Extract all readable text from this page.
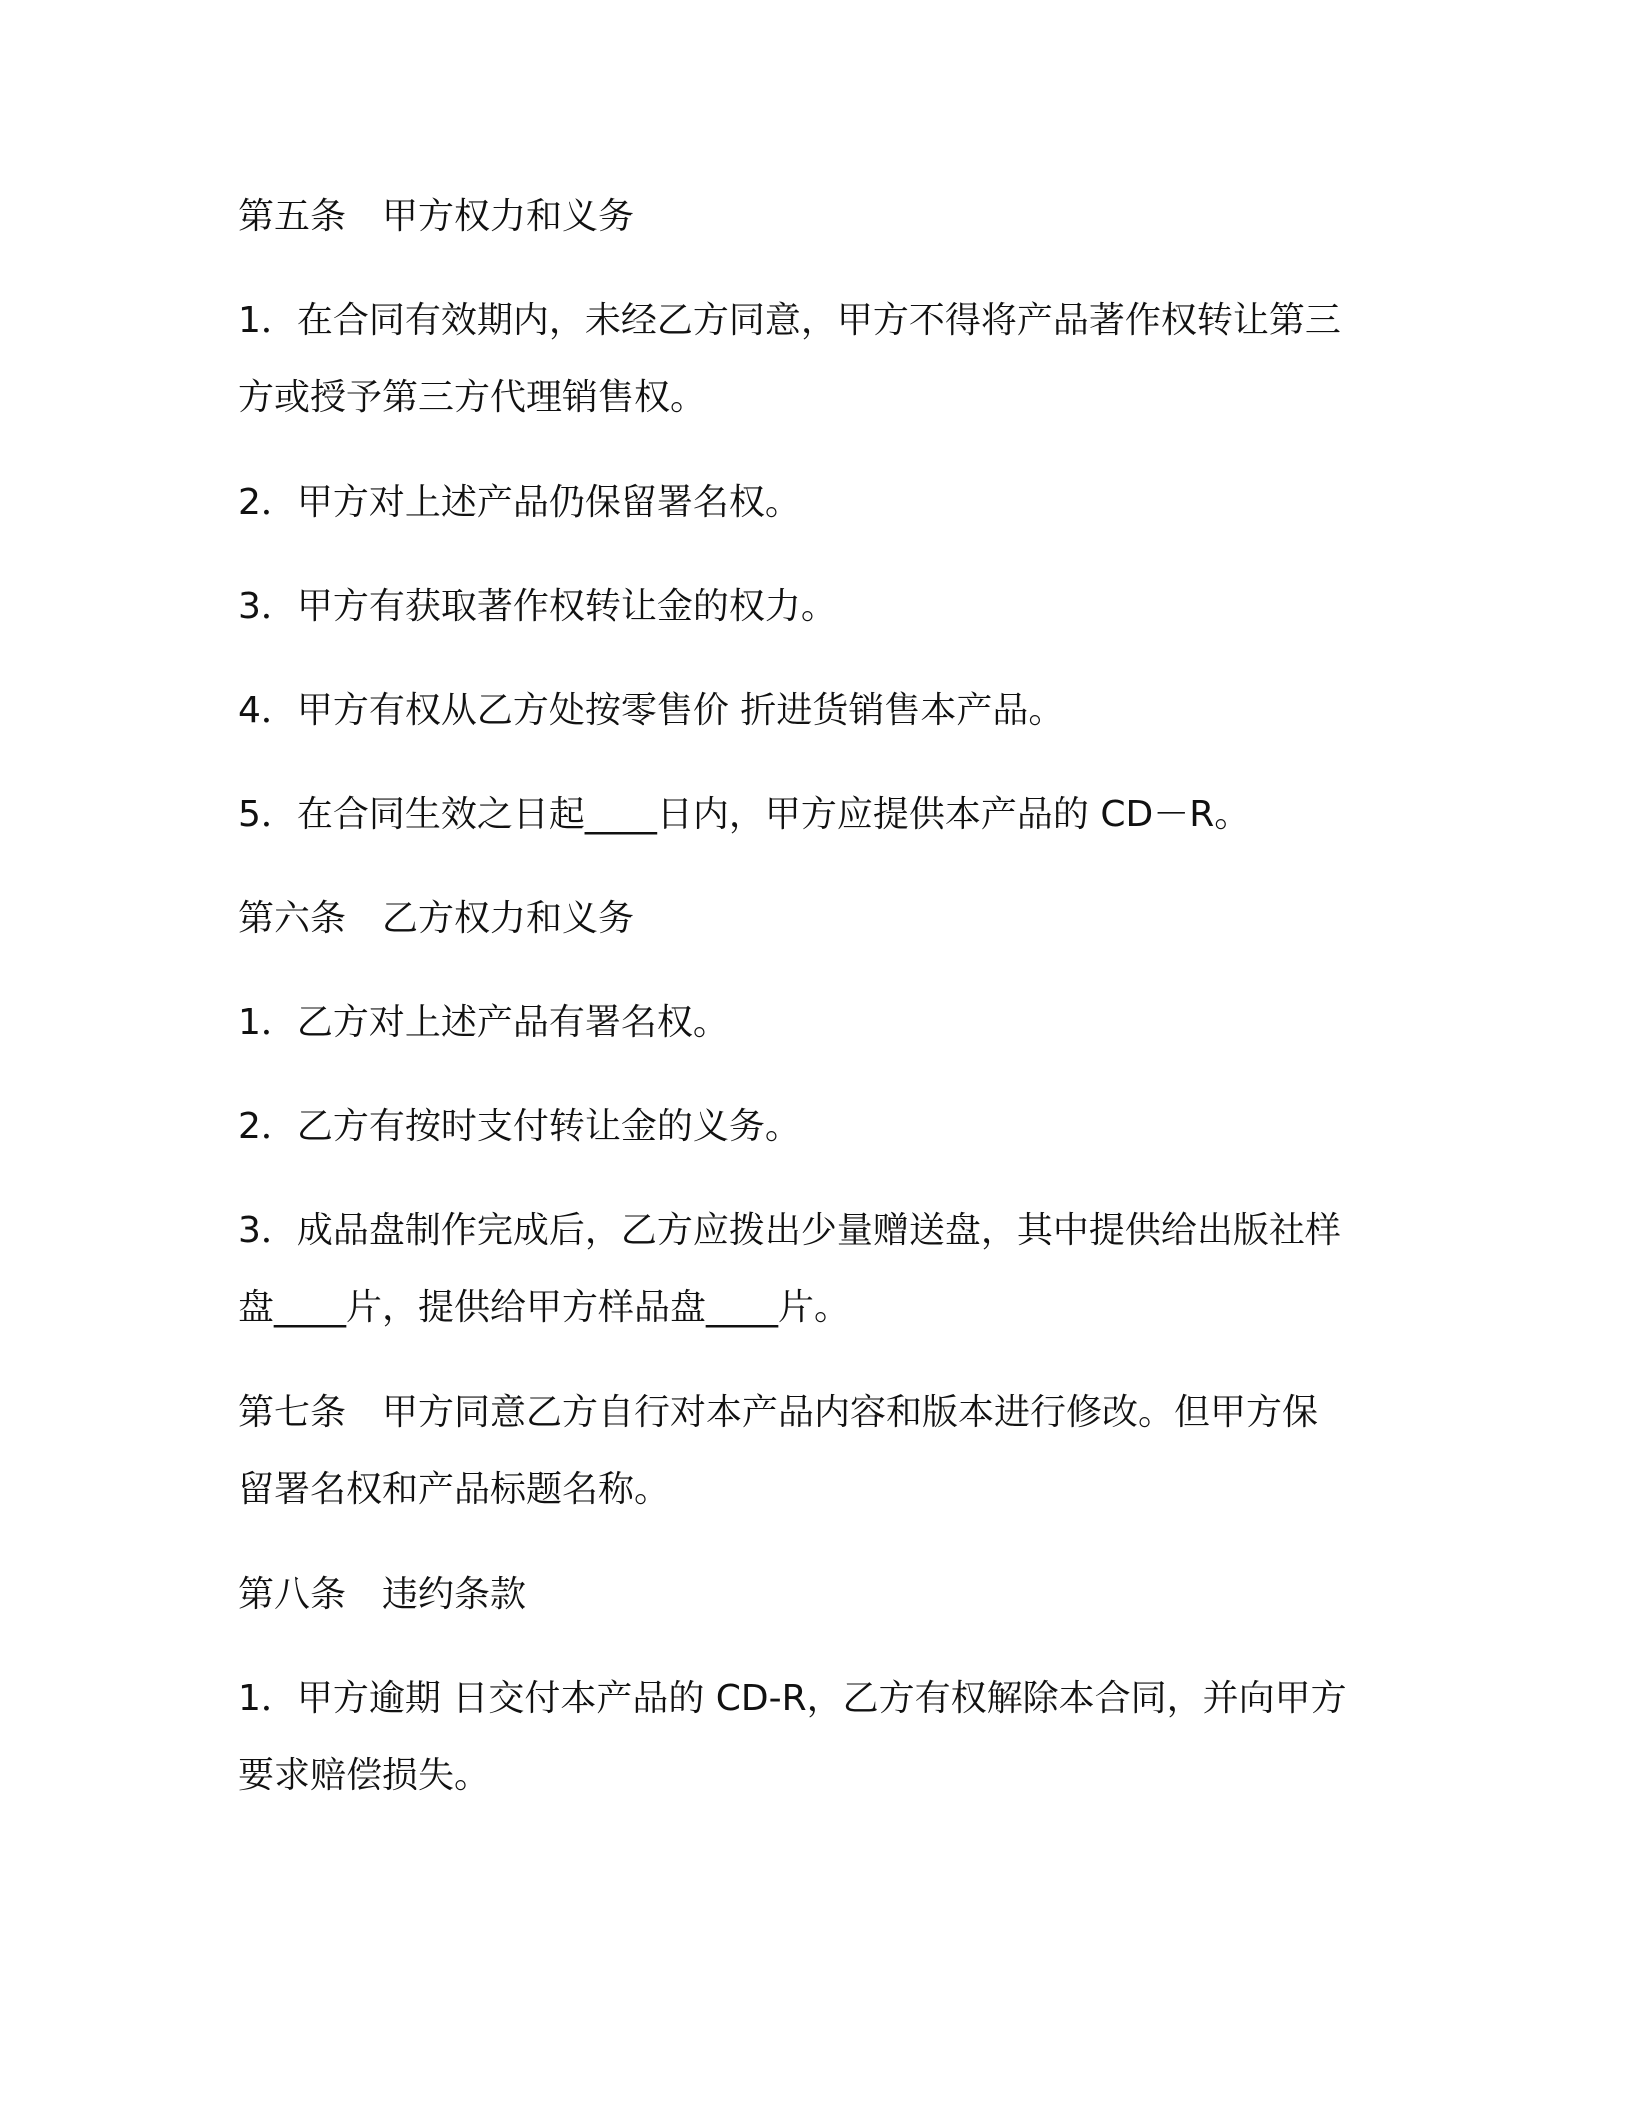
第五条　甲方权力和义务

1．在合同有效期内，未经乙方同意，甲方不得将产品著作权转让第三
方或授予第三方代理销售权。

2．甲方对上述产品仍保留署名权。

3．甲方有获取著作权转让金的权力。

4．甲方有权从乙方处按零售价 折进货销售本产品。

5．在合同生效之日起____日内，甲方应提供本产品的 CD－R。

第六条　乙方权力和义务

1．乙方对上述产品有署名权。

2．乙方有按时支付转让金的义务。

3．成品盘制作完成后，乙方应拨出少量赠送盘，其中提供给出版社样
盘____片，提供给甲方样品盘____片。

第七条　甲方同意乙方自行对本产品内容和版本进行修改。但甲方保
留署名权和产品标题名称。

第八条　违约条款

1．甲方逾期 日交付本产品的 CD-R，乙方有权解除本合同，并向甲方
要求赔偿损失。
